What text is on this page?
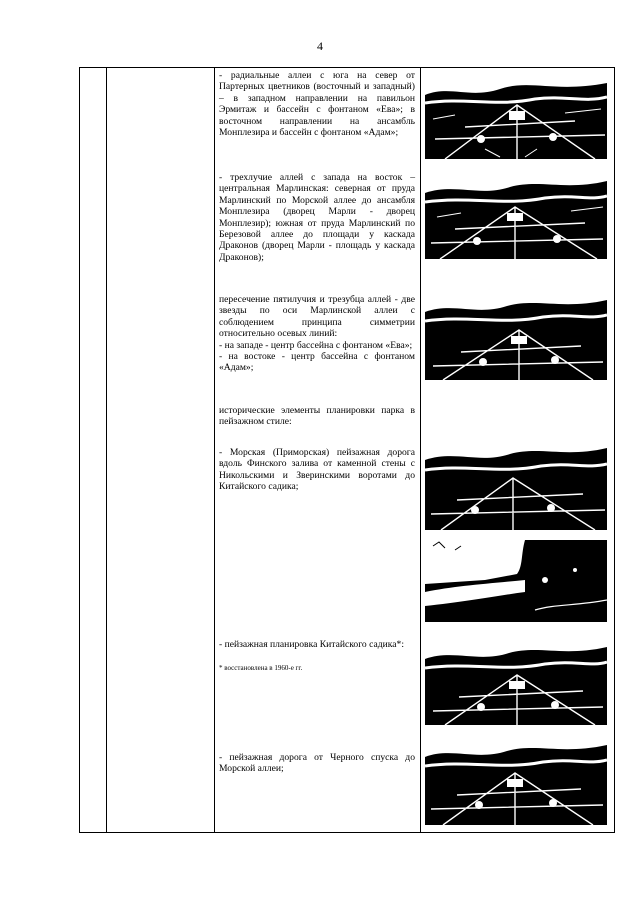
4

- радиальные аллеи с юга на север от Партерных цветников (восточный и западный) – в западном направлении на павильон Эрмитаж и бассейн с фонтаном «Ева»; в восточном направлении на ансамбль Монплезира и бассейн с фонтаном «Адам»;

- трехлучие аллей с запада на восток – центральная Марлинская: северная от пруда Марлинский по Морской аллее до ансамбля Монплезира (дворец Марли - дворец Монплезир); южная от пруда Марлинский по Березовой аллее до площади у каскада Драконов (дворец Марли - площадь у каскада Драконов);

пересечение пятилучия и трезубца аллей - две звезды по оси Марлинской аллеи с соблюдением принципа симметрии относительно осевых линий:

- на западе - центр бассейна с фонтаном «Ева»;

- на востоке - центр бассейна с фонтаном «Адам»;

исторические элементы планировки парка в пейзажном стиле:

- Морская (Приморская) пейзажная дорога вдоль Финского залива от каменной стены с Никольскими и Зверинскими воротами до Китайского садика;

- пейзажная планировка Китайского садика*:

* восстановлена в 1960-е гг.

- пейзажная дорога от Черного спуска до Морской аллеи;
